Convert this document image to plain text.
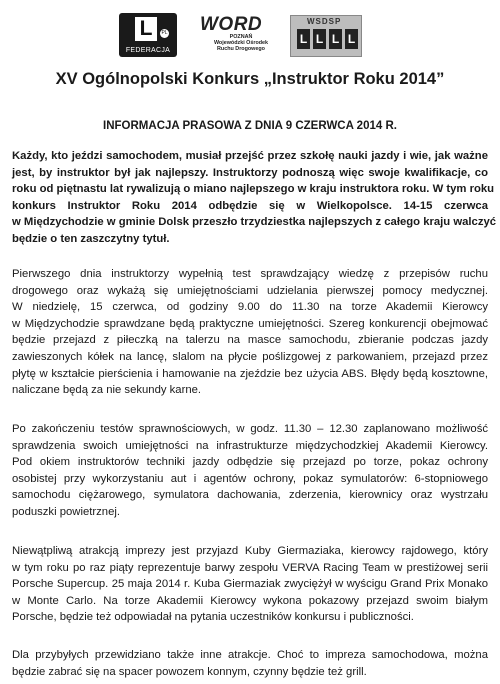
L	PL
FEDERACJA
WORD
POZNAŃ
Wojewódzki Ośrodek
Ruchu Drogowego
WSDSP
L L L L
XV Ogólnopolski Konkurs „Instruktor Roku 2014”
INFORMACJA PRASOWA Z DNIA 9 CZERWCA 2014 R.
Każdy, kto jeździ samochodem, musiał przejść przez szkołę nauki jazdy i wie, jak ważne
jest, by instruktor był jak najlepszy. Instruktorzy podnoszą więc swoje kwalifikacje, co
roku od piętnastu lat rywalizują o miano najlepszego w kraju instruktora roku. W tym roku
konkurs Instruktor Roku 2014 odbędzie się w Wielkopolsce. 14-15 czerwca
w Międzychodzie w gminie Dolsk przeszło trzydziestka najlepszych z całego kraju walczyć
będzie o ten zaszczytny tytuł.
Pierwszego dnia instruktorzy wypełnią test sprawdzający wiedzę z przepisów ruchu
drogowego oraz wykażą się umiejętnościami udzielania pierwszej pomocy medycznej.
W niedzielę, 15 czerwca, od godziny 9.00 do 11.30 na torze Akademii Kierowcy
w Międzychodzie sprawdzane będą praktyczne umiejętności. Szereg konkurencji obejmować
będzie przejazd z piłeczką na talerzu na masce samochodu, zbieranie podczas jazdy
zawieszonych kółek na lancę, slalom na płycie poślizgowej z parkowaniem, przejazd przez
płytę w kształcie pierścienia i hamowanie na zjeździe bez użycia ABS. Błędy będą kosztowne,
naliczane będą za nie sekundy karne.
Po zakończeniu testów sprawnościowych, w godz. 11.30 – 12.30 zaplanowano możliwość
sprawdzenia swoich umiejętności na infrastrukturze międzychodzkiej Akademii Kierowcy.
Pod okiem instruktorów techniki jazdy odbędzie się przejazd po torze, pokaz ochrony
osobistej przy wykorzystaniu aut i agentów ochrony, pokaz symulatorów: 6-stopniowego
samochodu ciężarowego, symulatora dachowania, zderzenia, kierownicy oraz wystrzału
poduszki powietrznej.
Niewątpliwą atrakcją imprezy jest przyjazd Kuby Giermaziaka, kierowcy rajdowego, który
w tym roku po raz piąty reprezentuje barwy zespołu VERVA Racing Team w prestiżowej serii
Porsche Supercup. 25 maja 2014 r. Kuba Giermaziak zwyciężył w wyścigu Grand Prix Monako
w Monte Carlo. Na torze Akademii Kierowcy wykona pokazowy przejazd swoim białym
Porsche, będzie też odpowiadał na pytania uczestników konkursu i publiczności.
Dla przybyłych przewidziano także inne atrakcje. Choć to impreza samochodowa, można
będzie zabrać się na spacer powozem konnym, czynny będzie też grill.
